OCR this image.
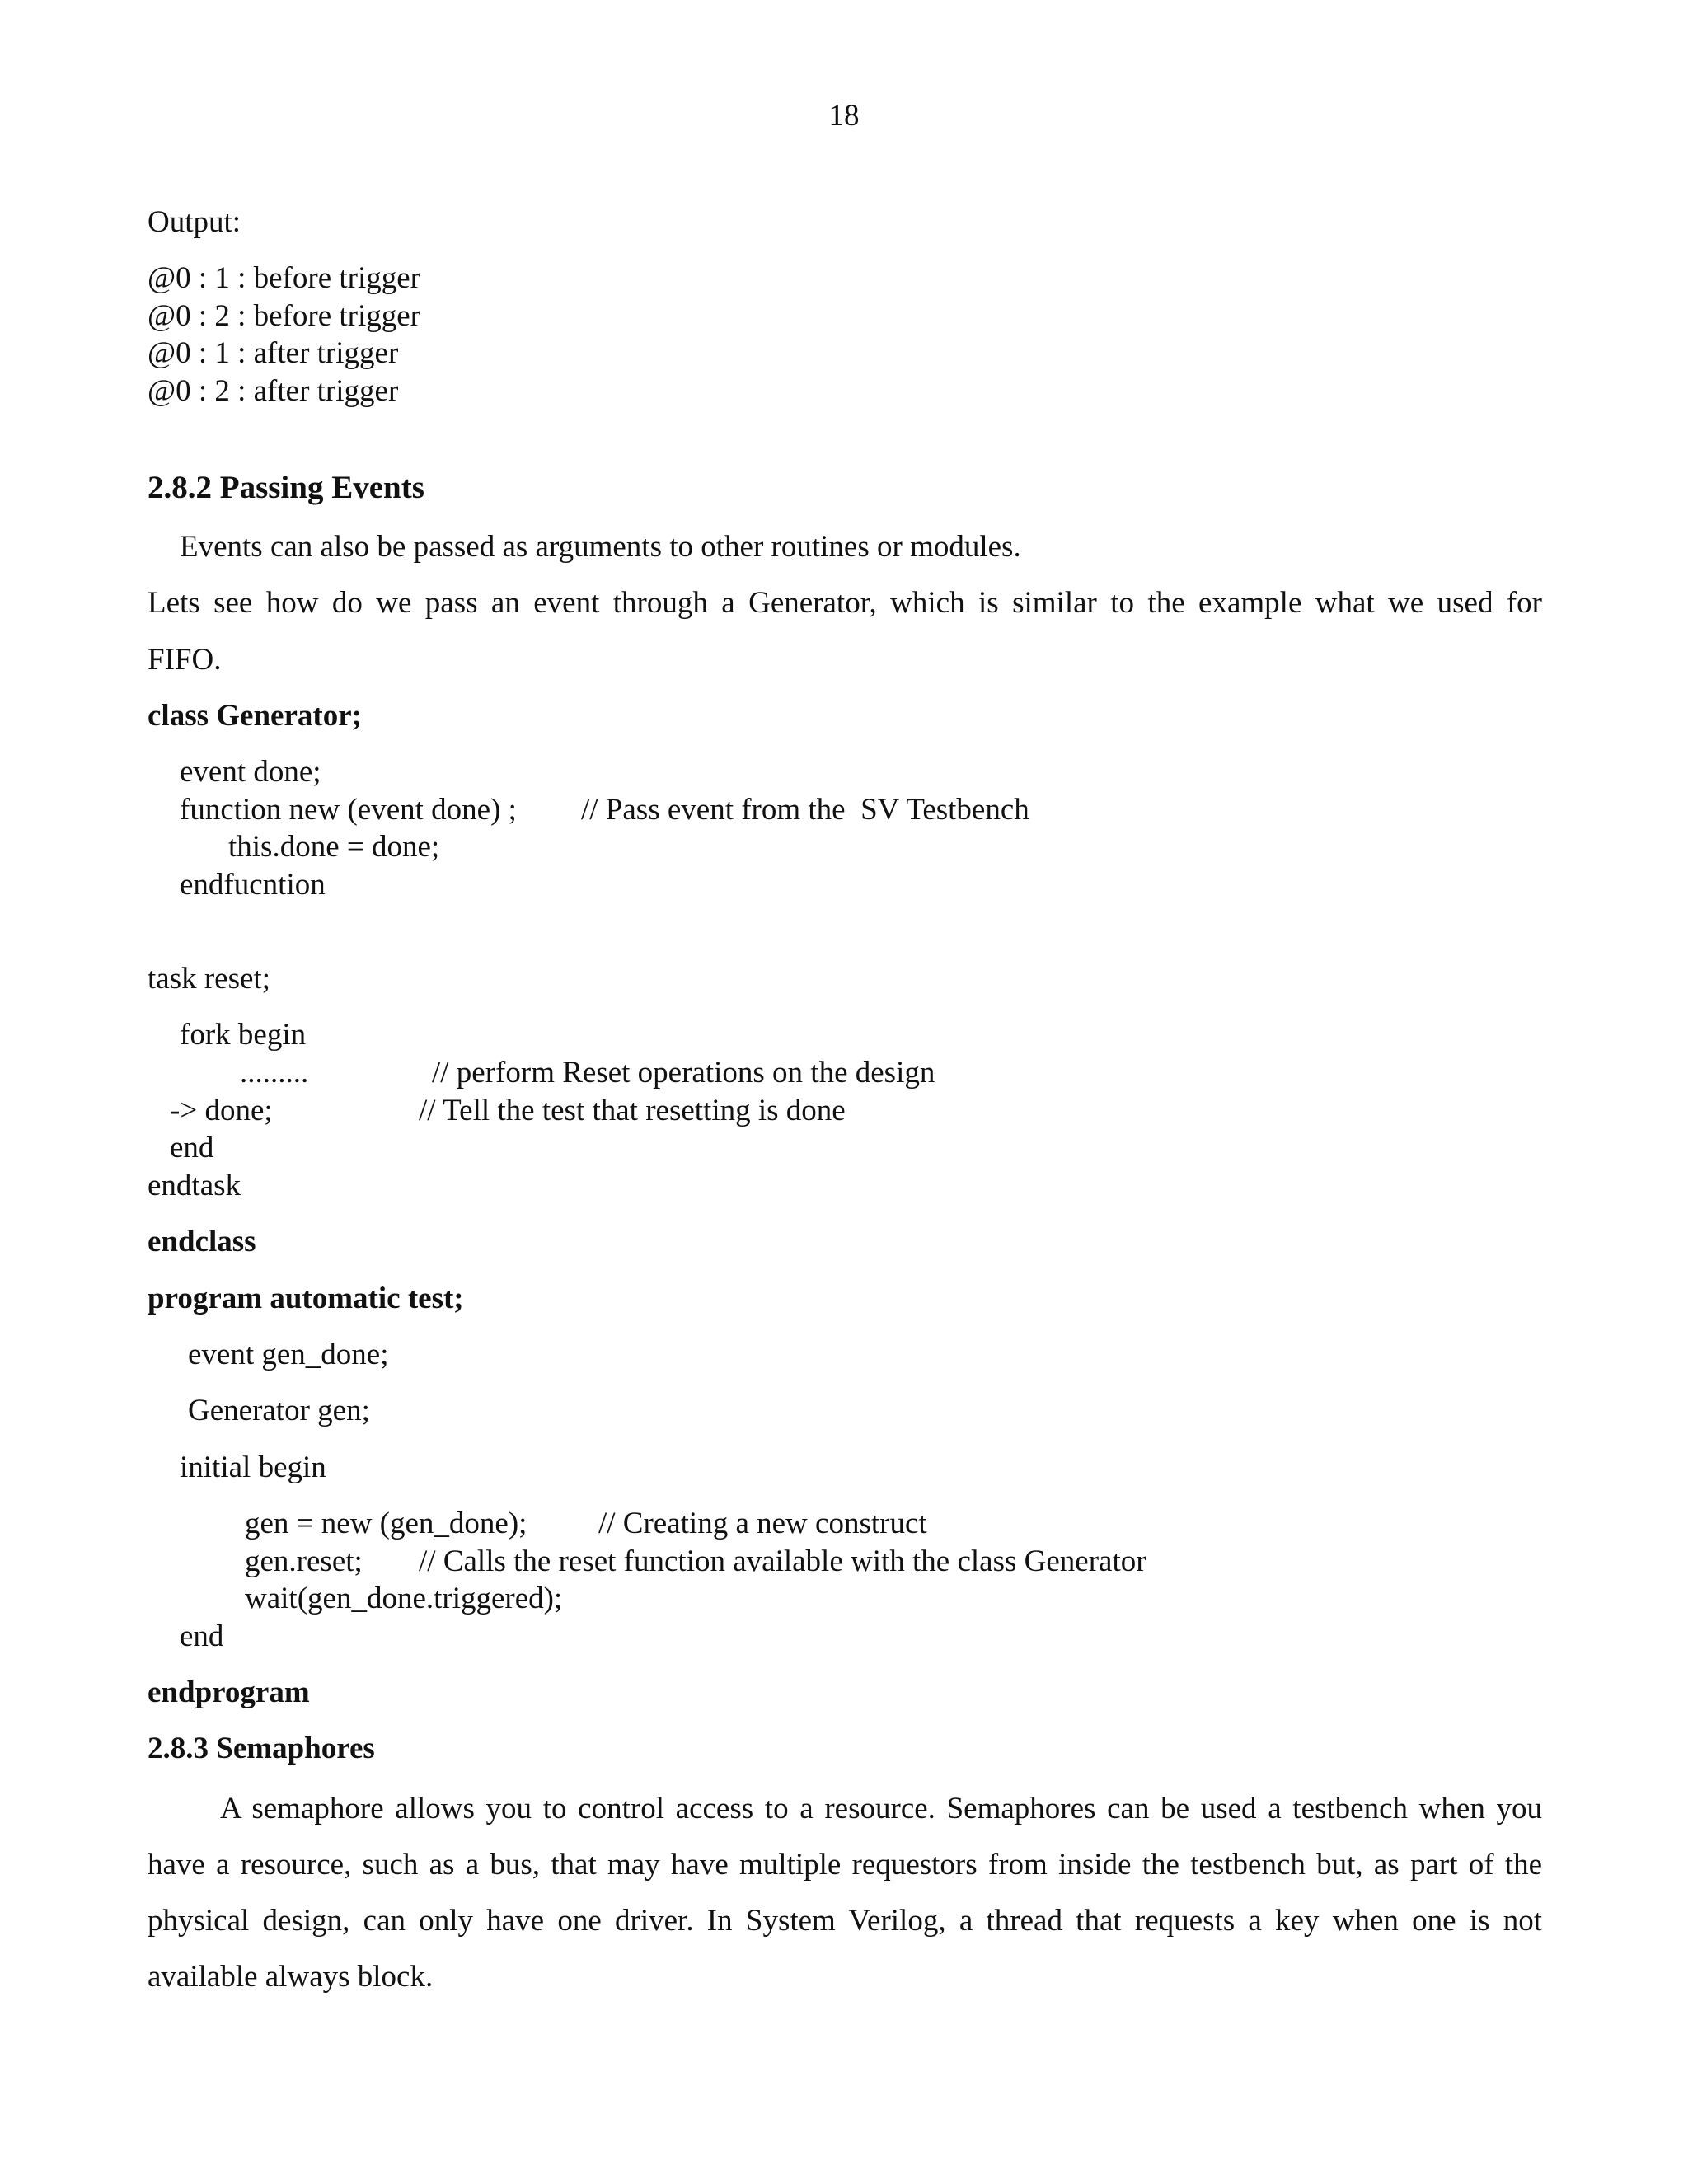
18
Output:
@0 : 1 : before trigger
@0 : 2 : before trigger
@0 : 1 : after trigger
@0 : 2 : after trigger
2.8.2 Passing Events
Events can also be passed as arguments to other routines or modules.
Lets see how do we pass an event through a Generator, which is similar to the example what we used for
FIFO.
class Generator;
event done;
function new (event done) ; // Pass event from the  SV Testbench
this.done = done;
endfucntion
task reset;
fork begin
.........	// perform Reset operations on the design
-> done;	// Tell the test that resetting is done
end
endtask
endclass
program automatic test;
event gen_done;
Generator gen;
initial begin
gen = new (gen_done); // Creating a new construct
gen.reset; // Calls the reset function available with the class Generator
wait(gen_done.triggered);
end
endprogram
2.8.3 Semaphores
A semaphore allows you to control access to a resource. Semaphores can be used a testbench when you have a resource, such as a bus, that may have multiple requestors from inside the testbench but, as part of the physical design, can only have one driver. In System Verilog, a thread that requests a key when one is not available always block.
